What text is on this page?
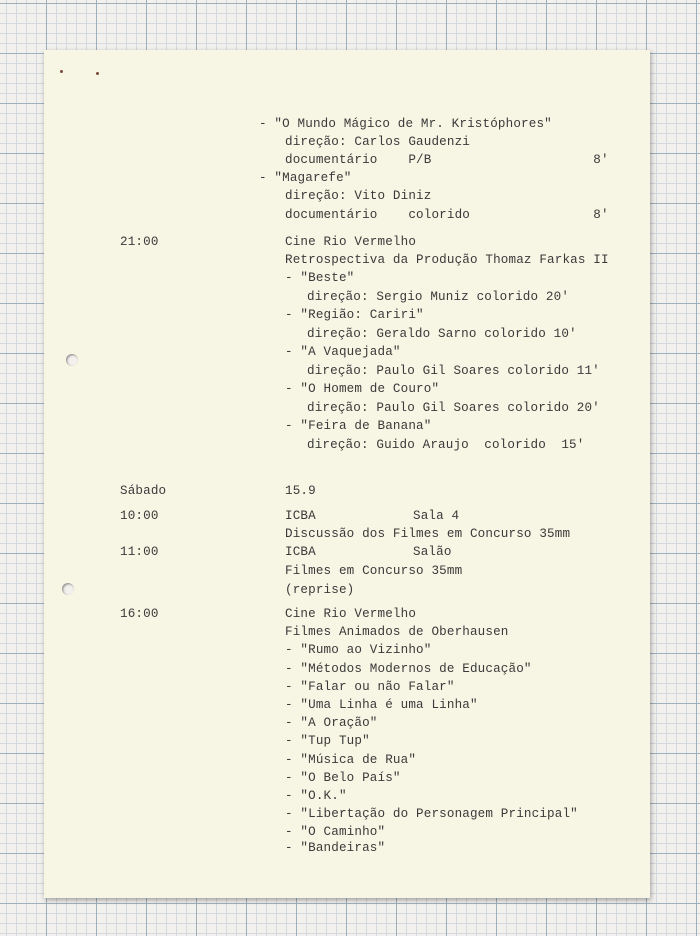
- "O Mundo Mágico de Mr. Kristóphores"
direção: Carlos Gaudenzi
documentário    P/B                     8'
- "Magarefe"
direção: Vito Diniz
documentário    colorido                8'
21:00	Cine Rio Vermelho
Retrospectiva da Produção Thomaz Farkas II
- "Beste"
direção: Sergio Muniz colorido 20'
- "Região: Cariri"
direção: Geraldo Sarno colorido 10'
- "A Vaquejada"
direção: Paulo Gil Soares colorido 11'
- "O Homem de Couro"
direção: Paulo Gil Soares colorido 20'
- "Feira de Banana"
direção: Guido Araujo  colorido  15'
Sábado	15.9
10:00	ICBA	Sala 4
Discussão dos Filmes em Concurso 35mm
11:00	ICBA	Salão
Filmes em Concurso 35mm
(reprise)
16:00	Cine Rio Vermelho
Filmes Animados de Oberhausen
- "Rumo ao Vizinho"
- "Métodos Modernos de Educação"
- "Falar ou não Falar"
- "Uma Linha é uma Linha"
- "A Oração"
- "Tup Tup"
- "Música de Rua"
- "O Belo País"
- "O.K."
- "Libertação do Personagem Principal"
- "O Caminho"
- "Bandeiras"
